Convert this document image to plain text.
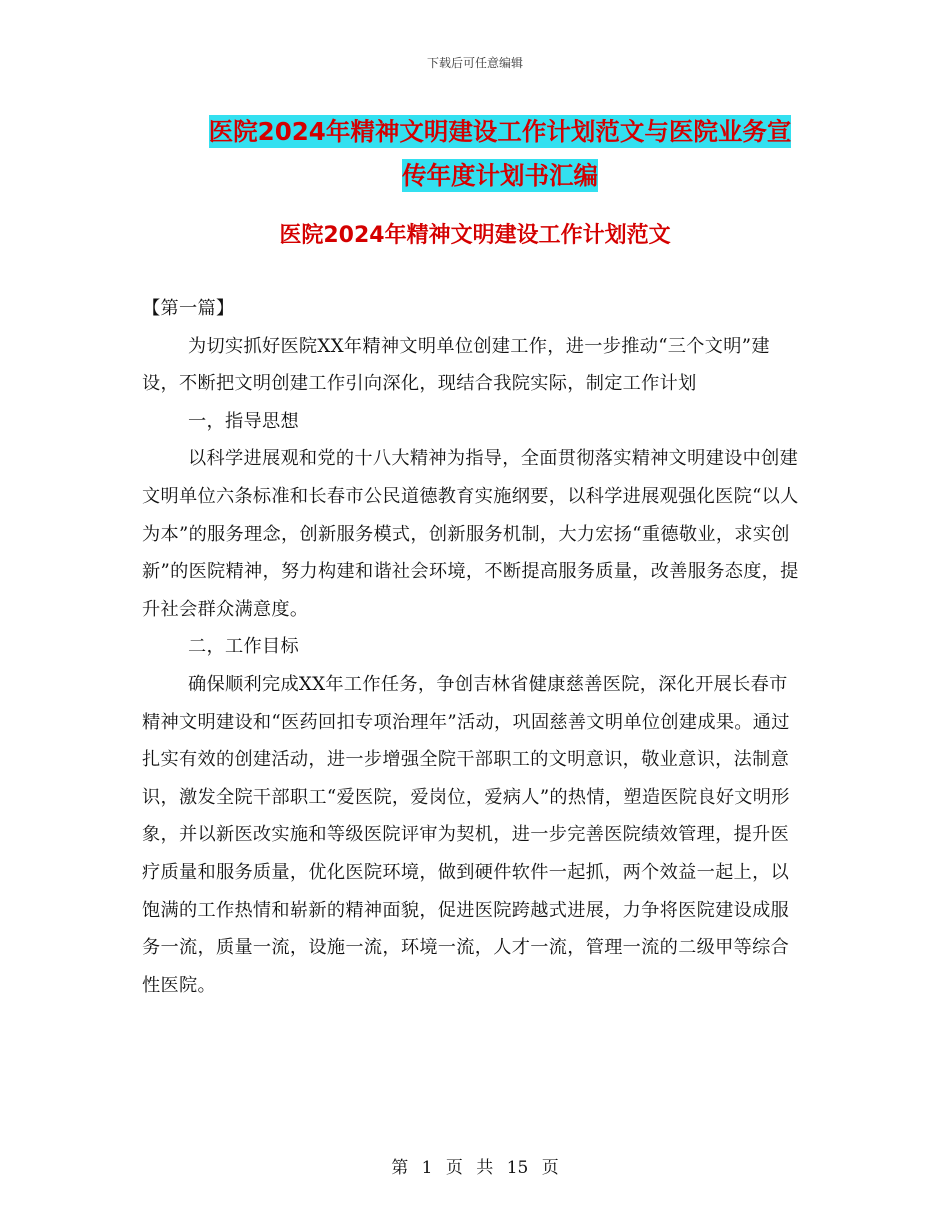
下载后可任意编辑
医院2024年精神文明建设工作计划范文与医院业务宣
传年度计划书汇编
医院2024年精神文明建设工作计划范文

【第一篇】

为切实抓好医院XX年精神文明单位创建工作，进一步推动“三个文明”建设，不断把文明创建工作引向深化，现结合我院实际，制定工作计划

一，指导思想

以科学进展观和党的十八大精神为指导，全面贯彻落实精神文明建设中创建文明单位六条标准和长春市公民道德教育实施纲要，以科学进展观强化医院“以人为本”的服务理念，创新服务模式，创新服务机制，大力宏扬“重德敬业，求实创新”的医院精神，努力构建和谐社会环境，不断提高服务质量，改善服务态度，提升社会群众满意度。

二，工作目标

确保顺利完成XX年工作任务，争创吉林省健康慈善医院，深化开展长春市精神文明建设和“医药回扣专项治理年”活动，巩固慈善文明单位创建成果。通过扎实有效的创建活动，进一步增强全院干部职工的文明意识，敬业意识，法制意识，激发全院干部职工“爱医院，爱岗位，爱病人”的热情，塑造医院良好文明形象，并以新医改实施和等级医院评审为契机，进一步完善医院绩效管理，提升医疗质量和服务质量，优化医院环境，做到硬件软件一起抓，两个效益一起上，以饱满的工作热情和崭新的精神面貌，促进医院跨越式进展，力争将医院建设成服务一流，质量一流，设施一流，环境一流，人才一流，管理一流的二级甲等综合性医院。

第 1 页 共 15 页
